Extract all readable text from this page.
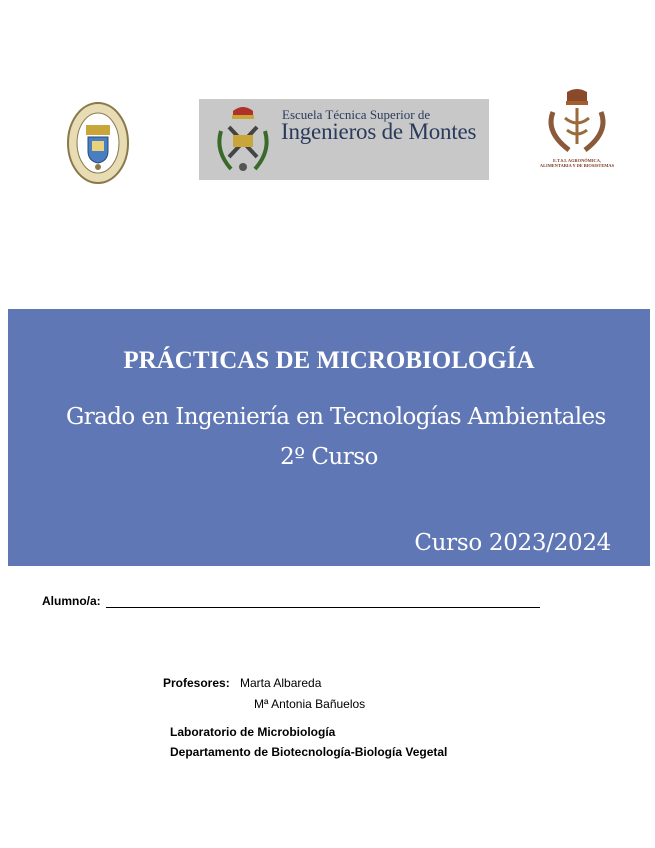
Escuela Técnica Superior de
Ingenieros de Montes
E.T.S.I. AGRONÓMICA, ALIMENTARIA Y DE BIOSISTEMAS
PRÁCTICAS DE MICROBIOLOGÍA
Grado en Ingeniería en Tecnologías Ambientales
2º Curso
Curso 2023/2024
Alumno/a:
Profesores: Marta Albareda
Mª Antonia Bañuelos
Laboratorio de Microbiología
Departamento de Biotecnología-Biología Vegetal
